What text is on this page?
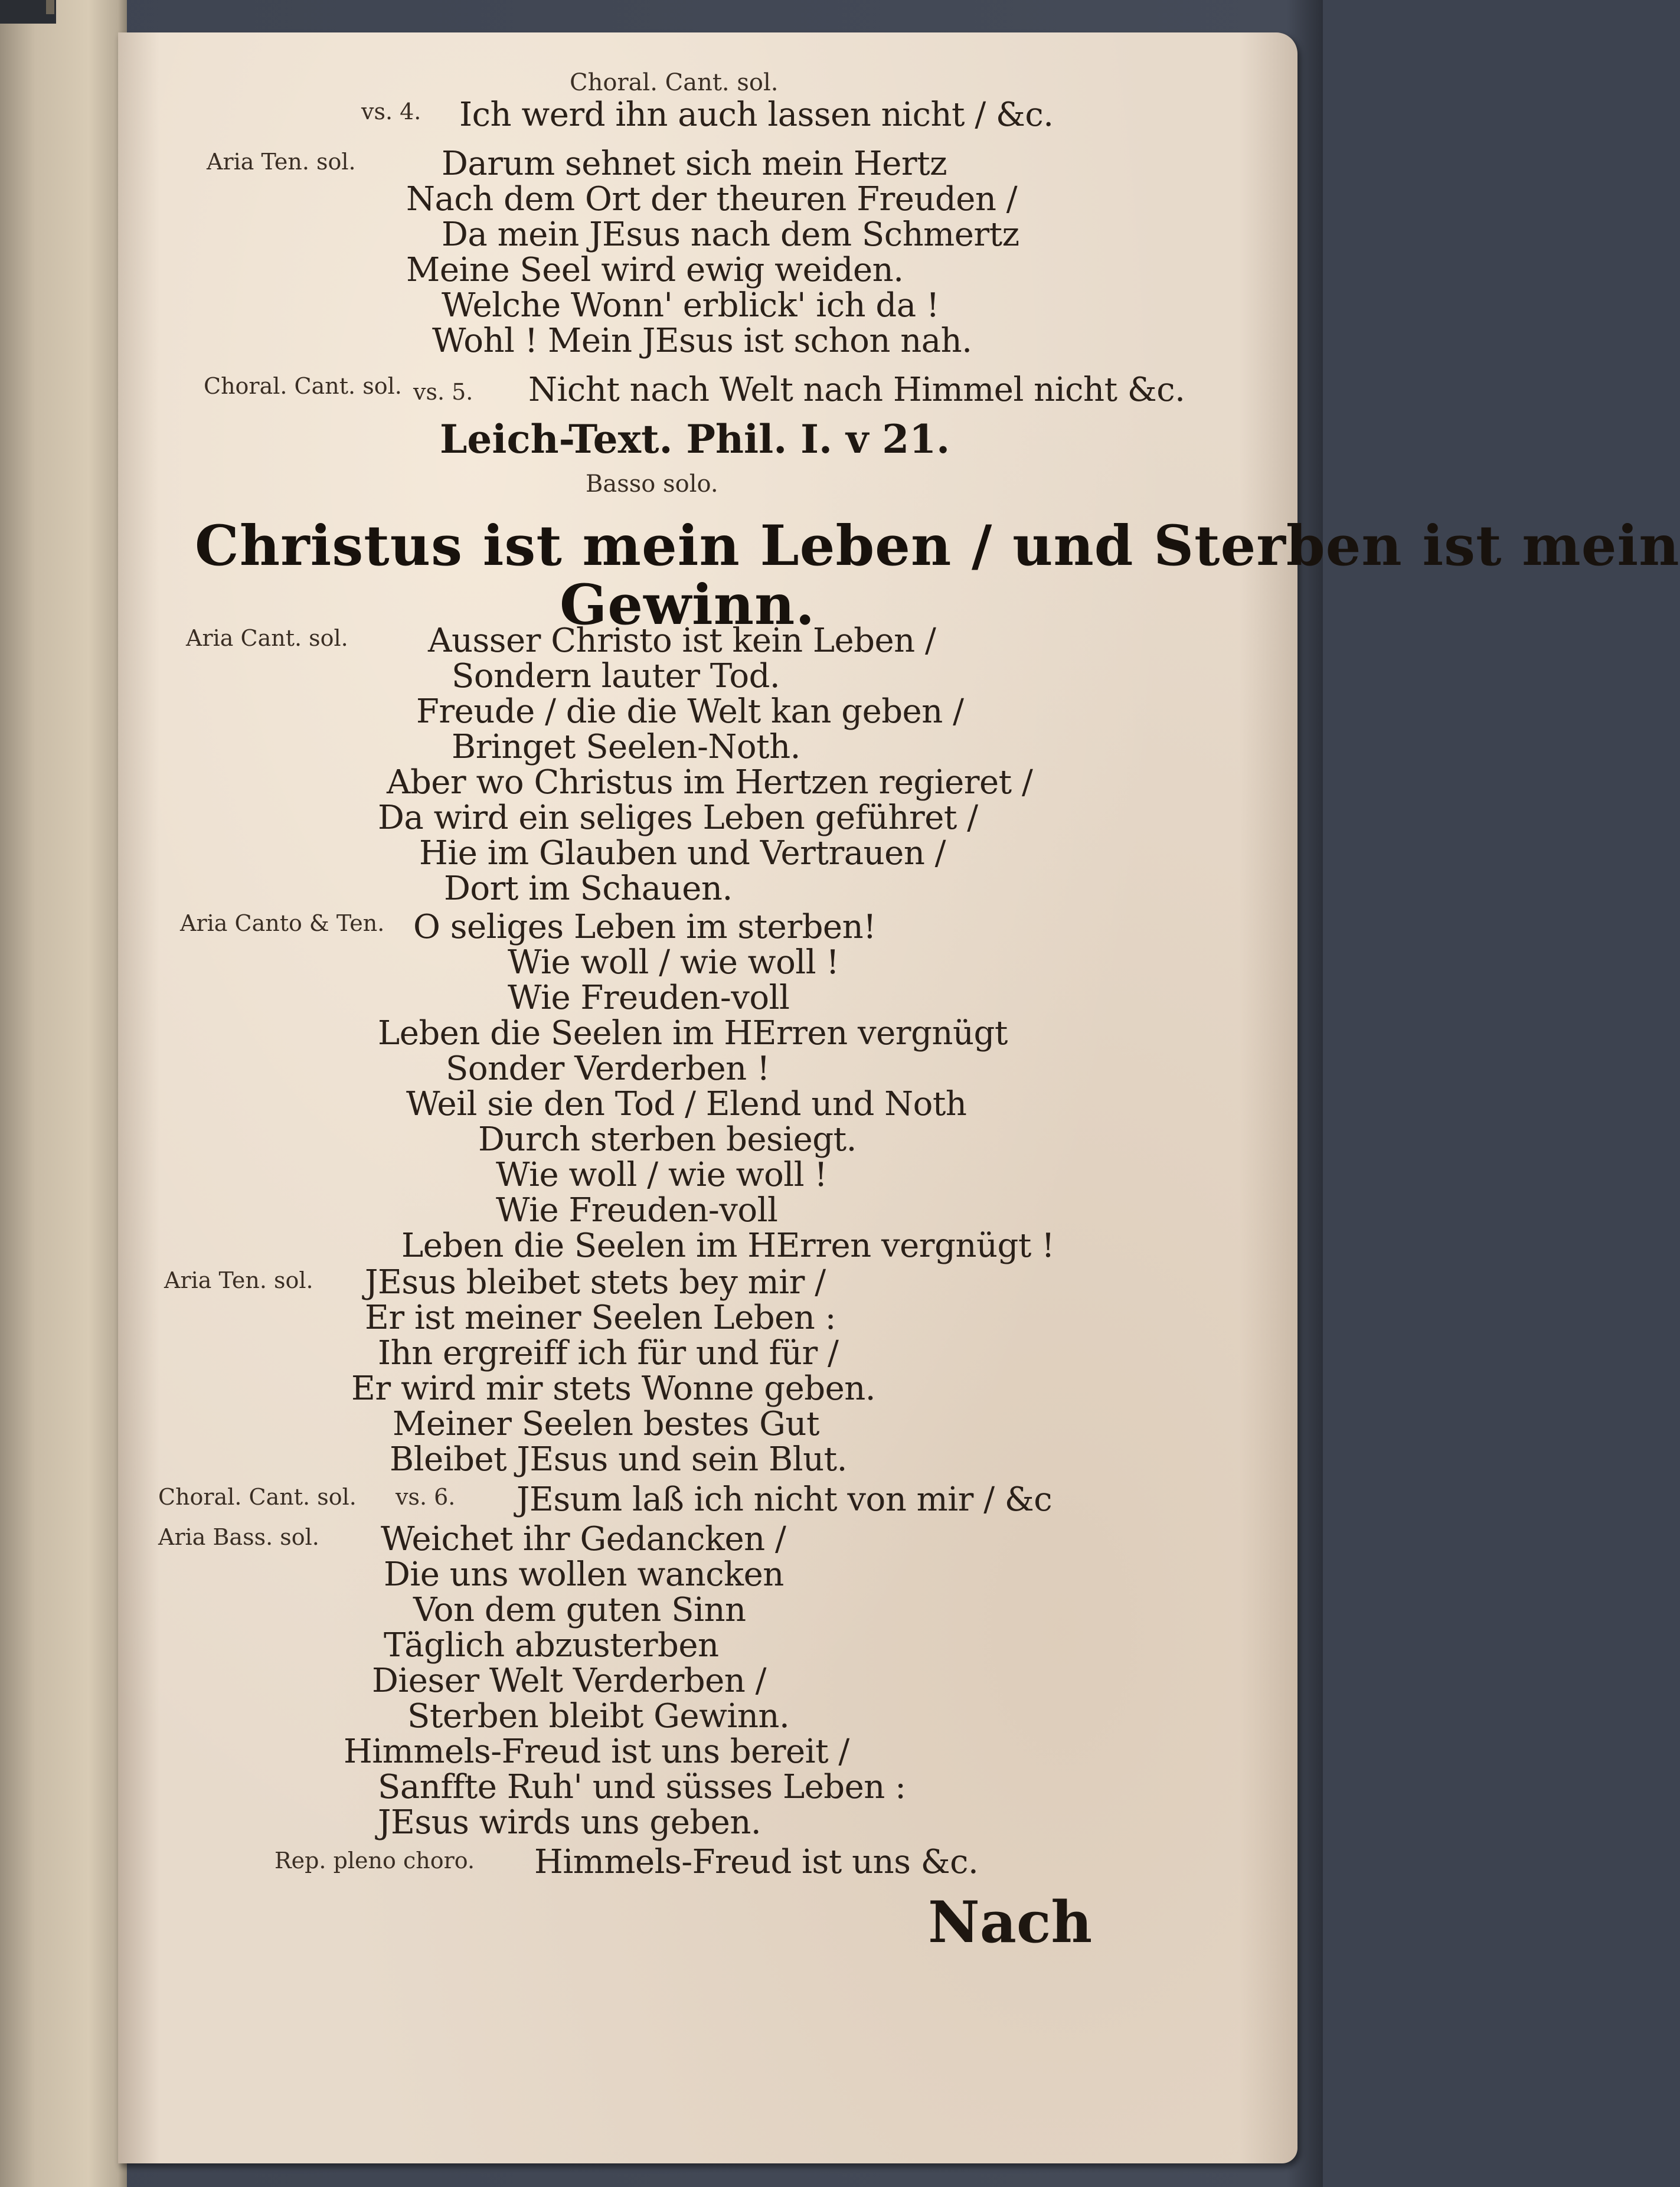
Choral. Cant. sol.
vs. 4. Ich werd ihn auch lassen nicht / &c.
Aria Ten. sol.	Darum sehnet sich mein Hertz
Nach dem Ort der theuren Freuden /
Da mein JEsus nach dem Schmertz
Meine Seel wird ewig weiden.
Welche Wonn' erblick' ich da !
Wohl ! Mein JEsus ist schon nah.
Choral. Cant. sol. vs. 5. Nicht nach Welt nach Himmel nicht &c.
Leich-Text. Phil. I. v 21.
Basso solo.
Christus ist mein Leben / und Sterben ist mein
Gewinn.
Aria Cant. sol. Ausser Christo ist kein Leben /
Sondern lauter Tod.
Freude / die die Welt kan geben /
Bringet Seelen-Noth.
Aber wo Christus im Hertzen regieret /
Da wird ein seliges Leben geführet /
Hie im Glauben und Vertrauen /
Dort im Schauen.
Aria Canto & Ten. O seliges Leben im sterben!
Wie woll / wie woll !
Wie Freuden-voll
Leben die Seelen im HErren vergnügt
Sonder Verderben !
Weil sie den Tod / Elend und Noth
Durch sterben besiegt.
Wie woll / wie woll !
Wie Freuden-voll
Leben die Seelen im HErren vergnügt !
Aria Ten. sol. JEsus bleibet stets bey mir /
Er ist meiner Seelen Leben :
Ihn ergreiff ich für und für /
Er wird mir stets Wonne geben.
Meiner Seelen bestes Gut
Bleibet JEsus und sein Blut.
Choral. Cant. sol. vs. 6. JEsum laß ich nicht von mir / &c
Aria Bass. sol. Weichet ihr Gedancken /
Die uns wollen wancken
Von dem guten Sinn
Täglich abzusterben
Dieser Welt Verderben /
Sterben bleibt Gewinn.
Himmels-Freud ist uns bereit /
Sanffte Ruh' und süsses Leben :
JEsus wirds uns geben.
Rep. pleno choro. Himmels-Freud ist uns &c.
Nach
